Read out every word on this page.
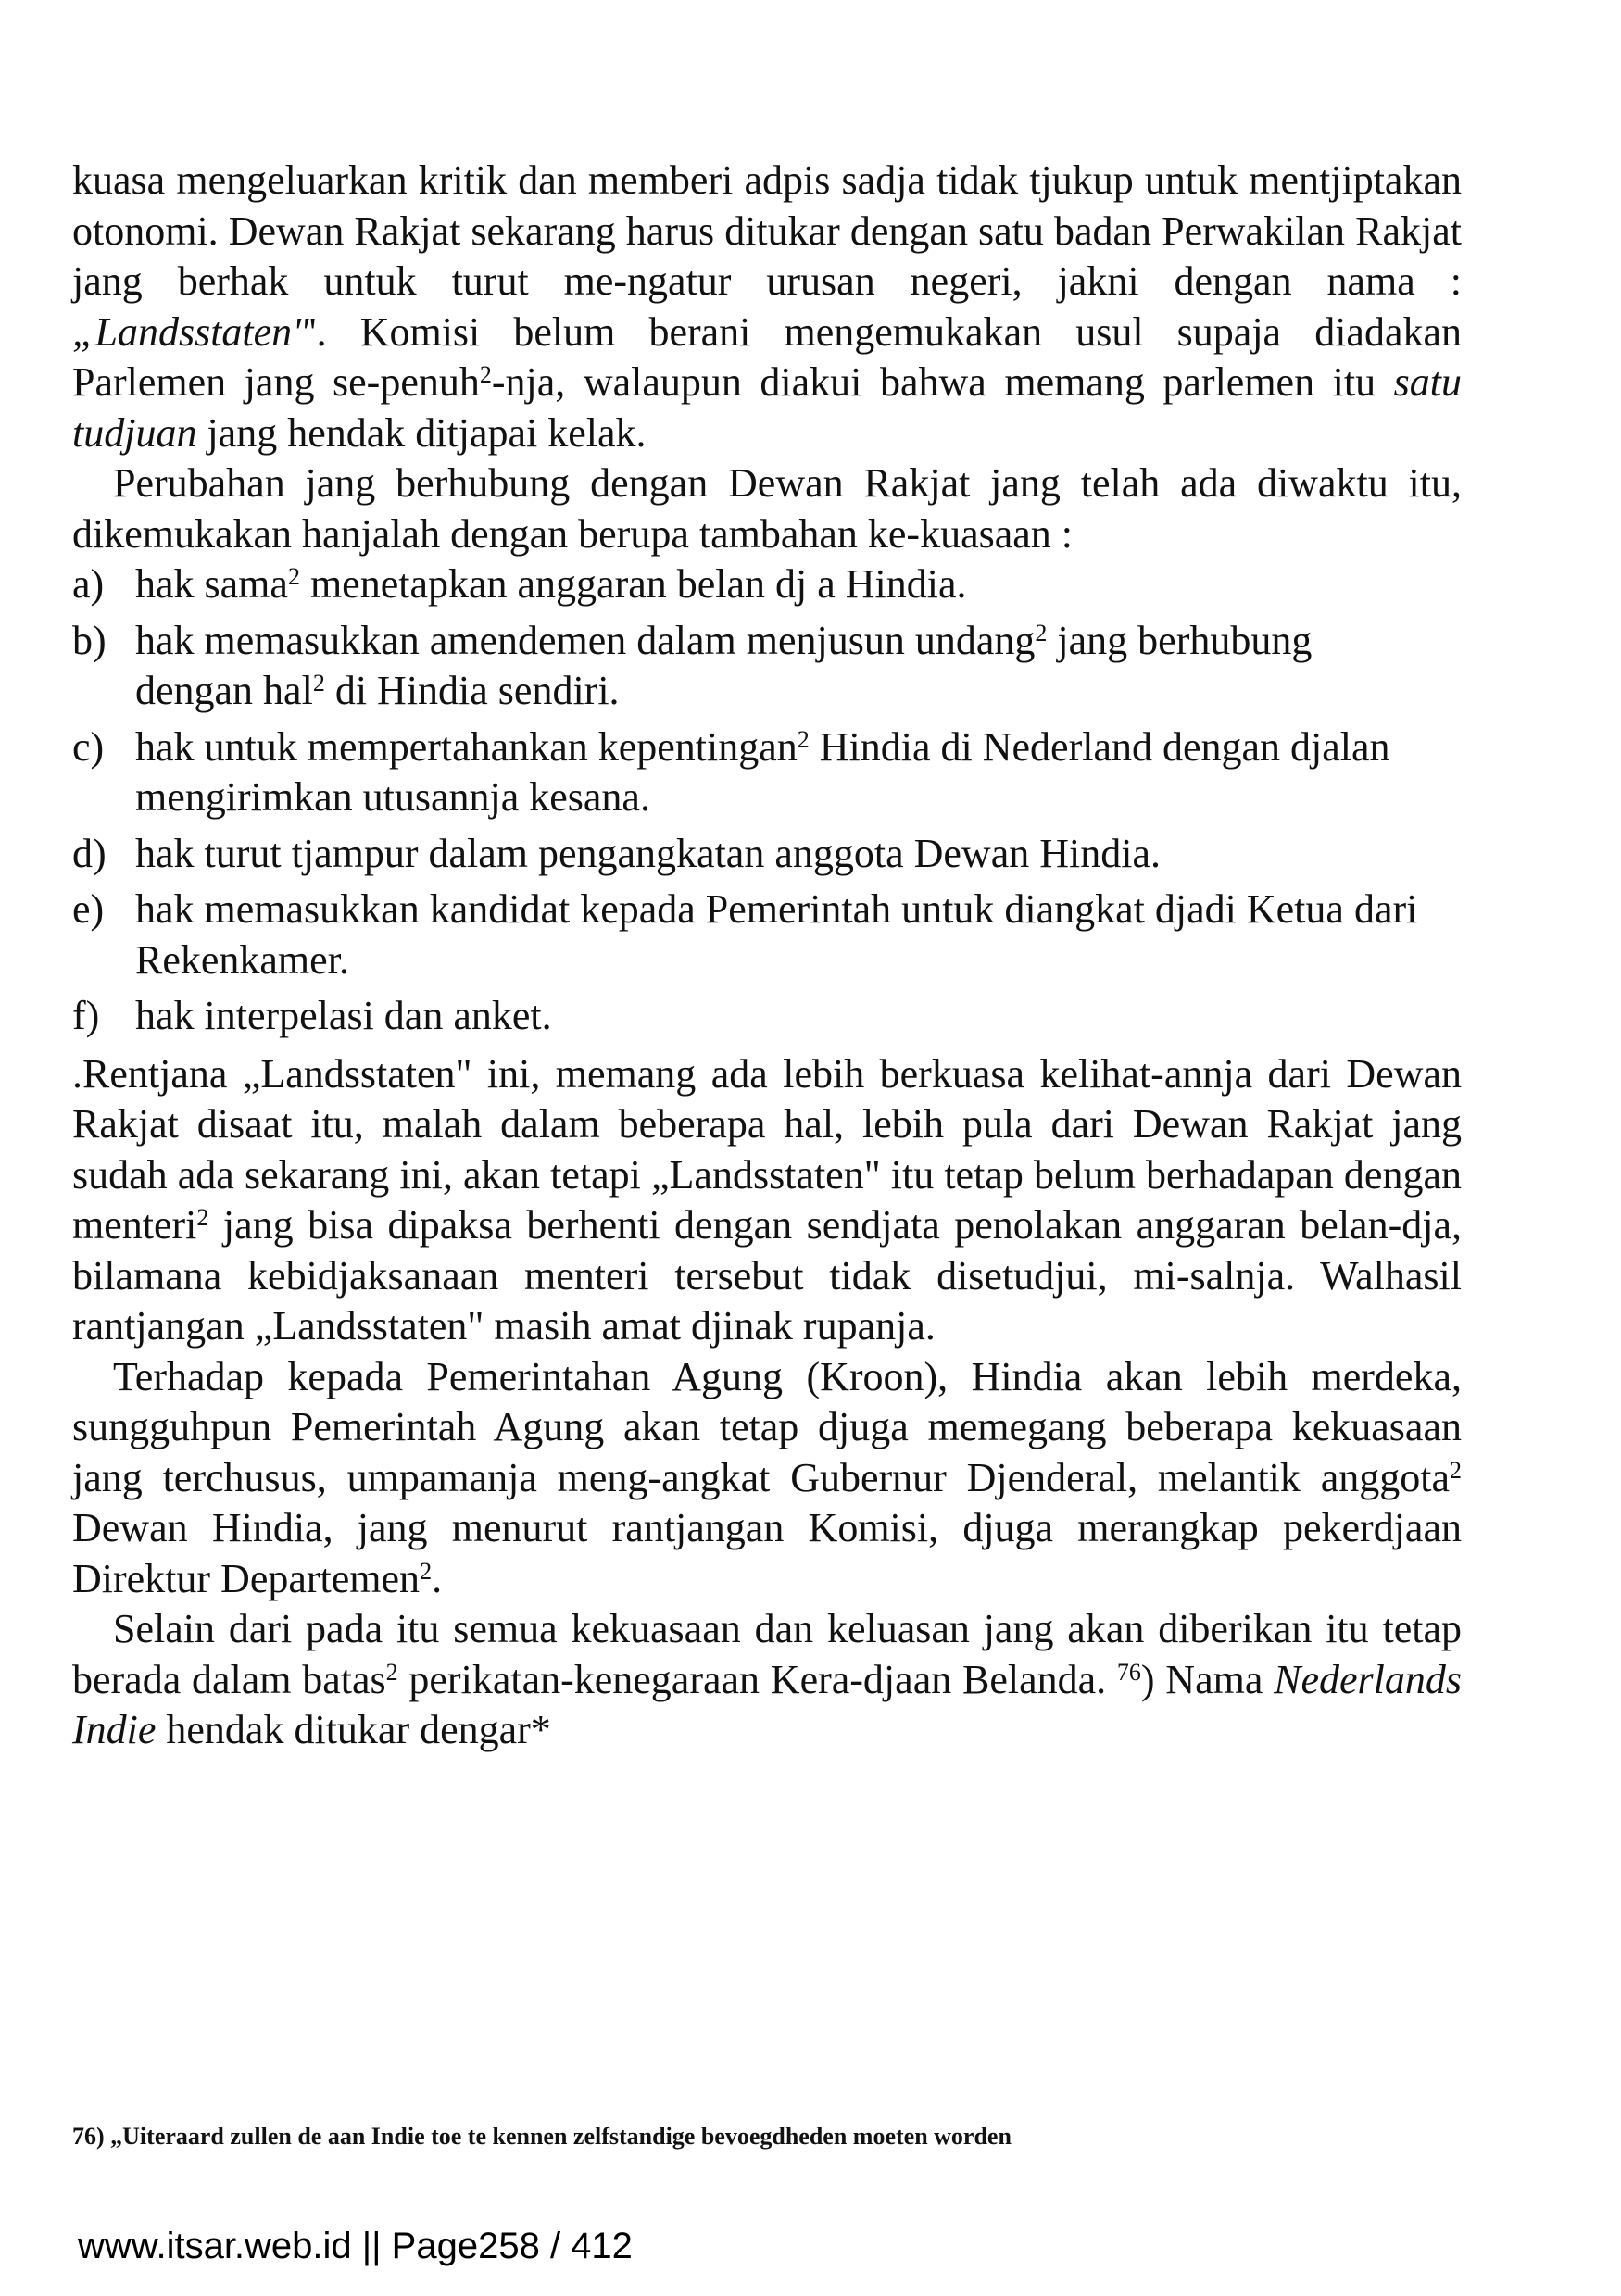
kuasa mengeluarkan kritik dan memberi adpis sadja tidak tjukup untuk mentjiptakan otonomi. Dewan Rakjat sekarang harus ditukar dengan satu badan Perwakilan Rakjat jang berhak untuk turut me-ngatur urusan negeri, jakni dengan nama : „Landsstaten"'. Komisi belum berani mengemukakan usul supaja diadakan Parlemen jang se-penuh$^2$-nja, walaupun diakui bahwa memang parlemen itu satu tudjuan jang hendak ditjapai kelak.

Perubahan jang berhubung dengan Dewan Rakjat jang telah ada diwaktu itu, dikemukakan hanjalah dengan berupa tambahan ke-kuasaan :

a) hak sama$^2$ menetapkan anggaran belan dj a Hindia.
b) hak memasukkan amendemen dalam menjusun undang$^2$ jang berhubung dengan hal$^2$ di Hindia sendiri.
c) hak untuk mempertahankan kepentingan$^2$ Hindia di Nederland dengan djalan mengirimkan utusannja kesana.
d) hak turut tjampur dalam pengangkatan anggota Dewan Hindia.
e) hak memasukkan kandidat kepada Pemerintah untuk diangkat djadi Ketua dari Rekenkamer.
f) hak interpelasi dan anket.

.Rentjana „Landsstaten" ini, memang ada lebih berkuasa kelihat-annja dari Dewan Rakjat disaat itu, malah dalam beberapa hal, lebih pula dari Dewan Rakjat jang sudah ada sekarang ini, akan tetapi „Landsstaten" itu tetap belum berhadapan dengan menteri$^2$ jang bisa dipaksa berhenti dengan sendjata penolakan anggaran belan-dja, bilamana kebidjaksanaan menteri tersebut tidak disetudjui, mi-salnja. Walhasil rantjangan „Landsstaten" masih amat djinak rupanja.

Terhadap kepada Pemerintahan Agung (Kroon), Hindia akan lebih merdeka, sungguhpun Pemerintah Agung akan tetap djuga memegang beberapa kekuasaan jang terchusus, umpamanja meng-angkat Gubernur Djenderal, melantik anggota$^2$ Dewan Hindia, jang menurut rantjangan Komisi, djuga merangkap pekerdjaan Direktur Departemen$^2$.

Selain dari pada itu semua kekuasaan dan keluasan jang akan diberikan itu tetap berada dalam batas$^2$ perikatan-kenegaraan Kera-djaan Belanda. $^{76}$) Nama Nederlands Indie hendak ditukar dengar*

76) „Uiteraard zullen de aan Indie toe te kennen zelfstandige bevoegdheden moeten worden
www.itsar.web.id || Page258 / 412
